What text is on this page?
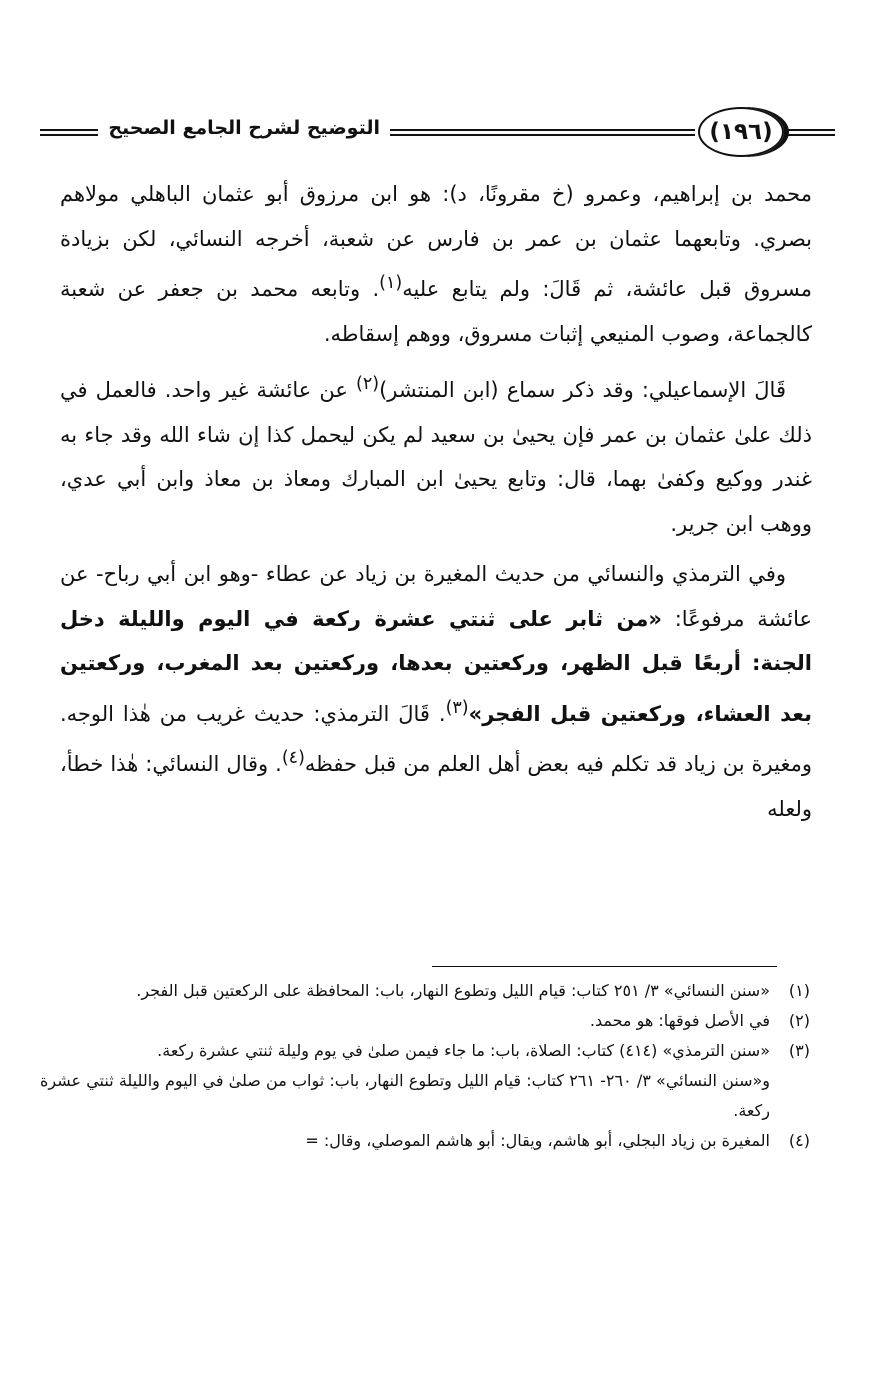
التوضيح لشرح الجامع الصحيح	(١٩٦)

محمد بن إبراهيم، وعمرو (خ مقرونًا، د): هو ابن مرزوق أبو عثمان الباهلي مولاهم بصري. وتابعهما عثمان بن عمر بن فارس عن شعبة، أخرجه النسائي، لكن بزيادة مسروق قبل عائشة، ثم قَالَ: ولم يتابع عليه$^{(١)}$. وتابعه محمد بن جعفر عن شعبة كالجماعة، وصوب المنيعي إثبات مسروق، ووهم إسقاطه.

قَالَ الإسماعيلي: وقد ذكر سماع (ابن المنتشر)$^{(٢)}$ عن عائشة غير واحد. فالعمل في ذلك علىٰ عثمان بن عمر فإن يحيىٰ بن سعيد لم يكن ليحمل كذا إن شاء الله وقد جاء به غندر ووكيع وكفىٰ بهما، قال: وتابع يحيىٰ ابن المبارك ومعاذ بن معاذ وابن أبي عدي، ووهب ابن جرير.

وفي الترمذي والنسائي من حديث المغيرة بن زياد عن عطاء -وهو ابن أبي رباح- عن عائشة مرفوعًا: «من ثابر على ثنتي عشرة ركعة في اليوم والليلة دخل الجنة: أربعًا قبل الظهر، وركعتين بعدها، وركعتين بعد المغرب، وركعتين بعد العشاء، وركعتين قبل الفجر»$^{(٣)}$. قَالَ الترمذي: حديث غريب من هٰذا الوجه. ومغيرة بن زياد قد تكلم فيه بعض أهل العلم من قبل حفظه$^{(٤)}$. وقال النسائي: هٰذا خطأ، ولعله

(١)
«سنن النسائي» ٣/ ٢٥١ كتاب: قيام الليل وتطوع النهار، باب: المحافظة على الركعتين قبل الفجر.
(٢)
في الأصل فوقها: هو محمد.
(٣)
«سنن الترمذي» (٤١٤) كتاب: الصلاة، باب: ما جاء فيمن صلىٰ في يوم وليلة ثنتي عشرة ركعة.
و«سنن النسائي» ٣/ ٢٦٠- ٢٦١ كتاب: قيام الليل وتطوع النهار، باب: ثواب من صلىٰ في اليوم والليلة ثنتي عشرة ركعة.
(٤)
المغيرة بن زياد البجلي، أبو هاشم، ويقال: أبو هاشم الموصلي، وقال: =
